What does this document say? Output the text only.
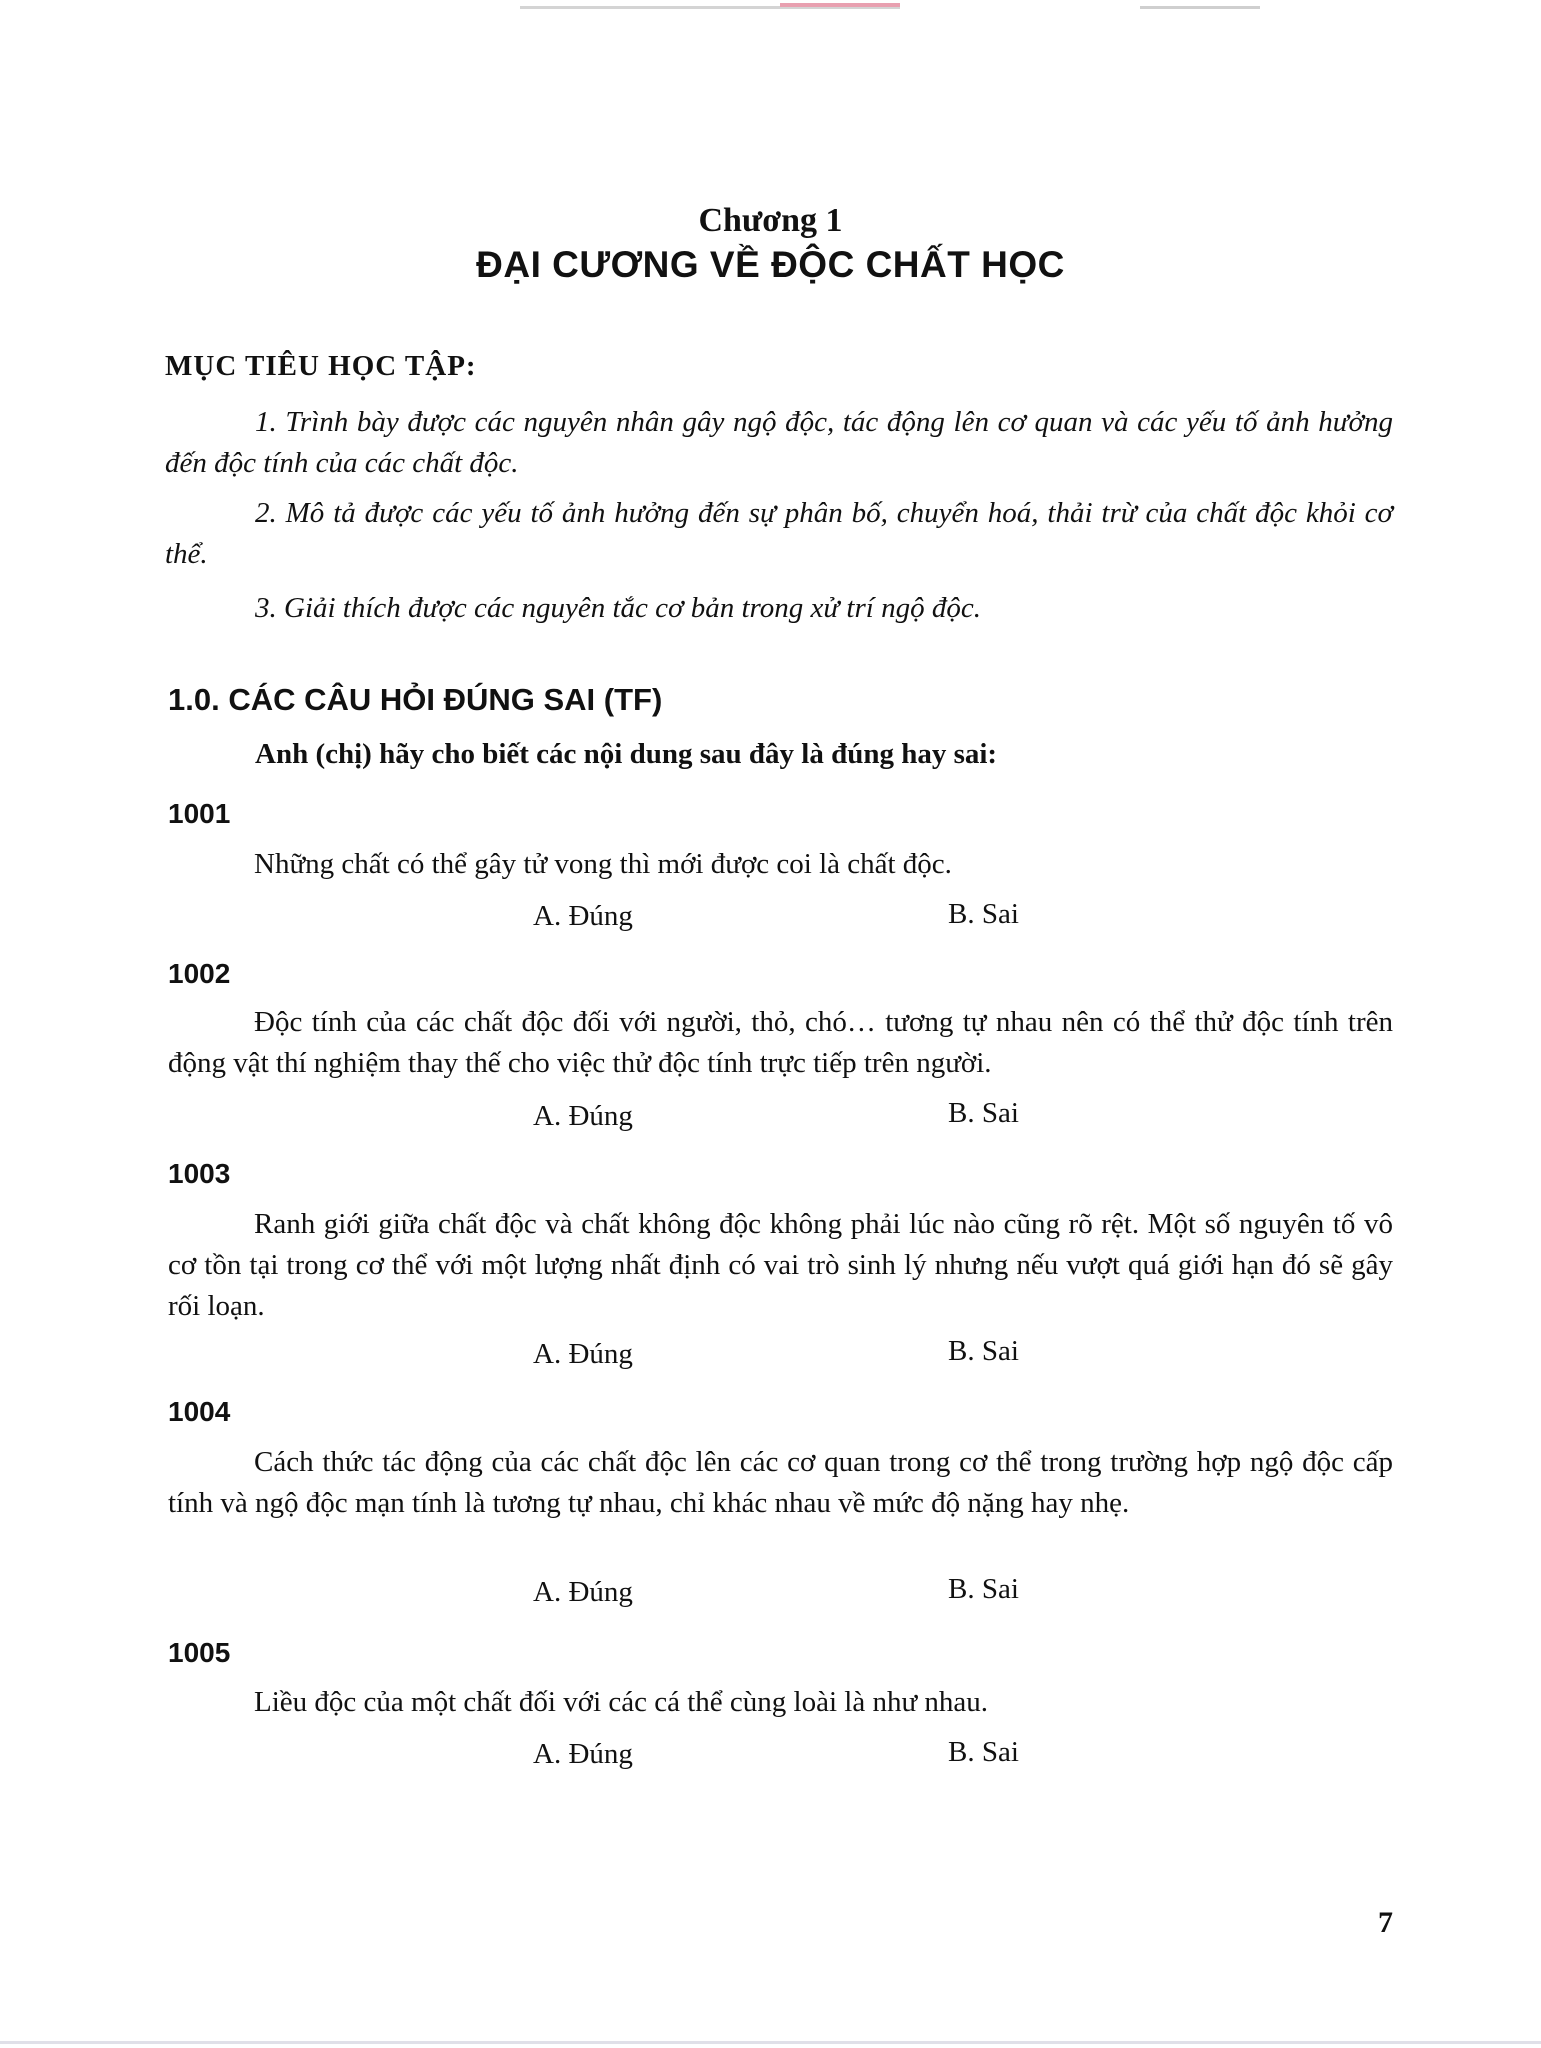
Chương 1
ĐẠI CƯƠNG VỀ ĐỘC CHẤT HỌC
MỤC TIÊU HỌC TẬP:
1. Trình bày được các nguyên nhân gây ngộ độc, tác động lên cơ quan và các yếu tố ảnh hưởng đến độc tính của các chất độc.
2. Mô tả được các yếu tố ảnh hưởng đến sự phân bố, chuyển hoá, thải trừ của chất độc khỏi cơ thể.
3. Giải thích được các nguyên tắc cơ bản trong xử trí ngộ độc.
1.0. CÁC CÂU HỎI ĐÚNG SAI (TF)
Anh (chị) hãy cho biết các nội dung sau đây là đúng hay sai:
1001
Những chất có thể gây tử vong thì mới được coi là chất độc.
A. Đúng	B. Sai
1002
Độc tính của các chất độc đối với người, thỏ, chó… tương tự nhau nên có thể thử độc tính trên động vật thí nghiệm thay thế cho việc thử độc tính trực tiếp trên người.
A. Đúng	B. Sai
1003
Ranh giới giữa chất độc và chất không độc không phải lúc nào cũng rõ rệt. Một số nguyên tố vô cơ tồn tại trong cơ thể với một lượng nhất định có vai trò sinh lý nhưng nếu vượt quá giới hạn đó sẽ gây rối loạn.
A. Đúng	B. Sai
1004
Cách thức tác động của các chất độc lên các cơ quan trong cơ thể trong trường hợp ngộ độc cấp tính và ngộ độc mạn tính là tương tự nhau, chỉ khác nhau về mức độ nặng hay nhẹ.
A. Đúng	B. Sai
1005
Liều độc của một chất đối với các cá thể cùng loài là như nhau.
A. Đúng	B. Sai
7
